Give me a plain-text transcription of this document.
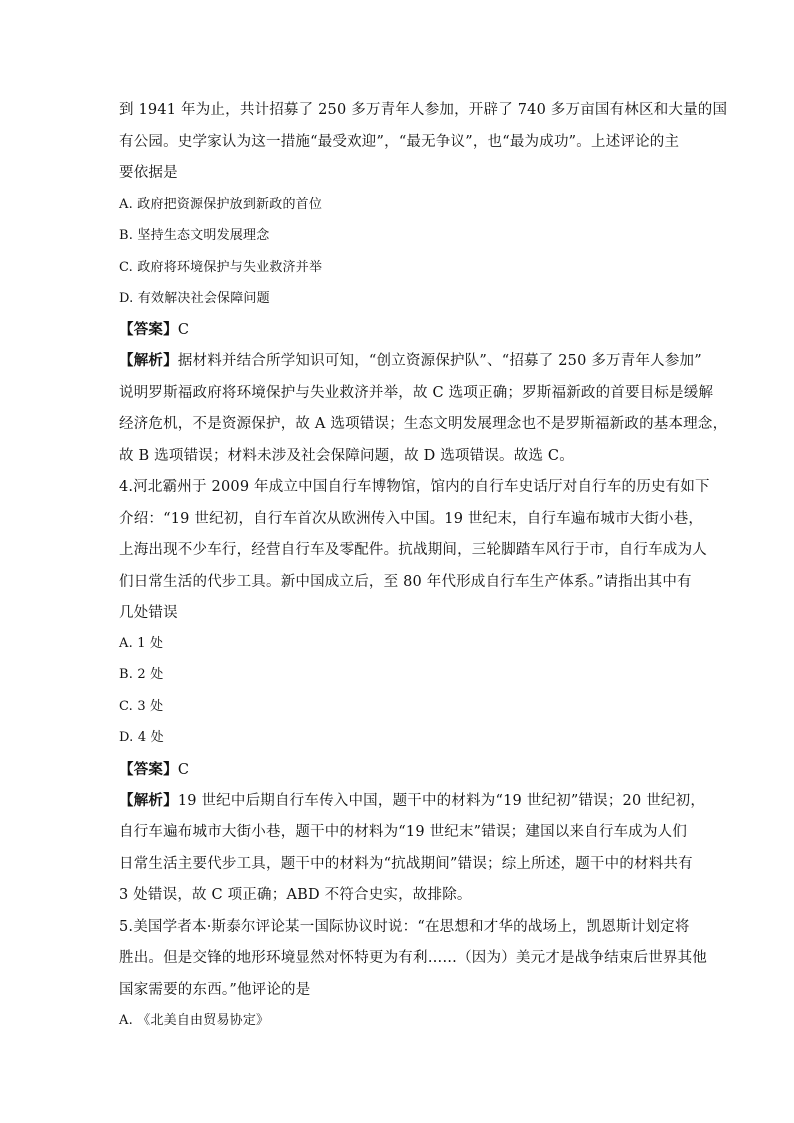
到 1941 年为止，共计招募了 250 多万青年人参加，开辟了 740 多万亩国有林区和大量的国
有公园。史学家认为这一措施“最受欢迎”，“最无争议”，也“最为成功”。上述评论的主
要依据是
A. 政府把资源保护放到新政的首位
B. 坚持生态文明发展理念
C. 政府将环境保护与失业救济并举
D. 有效解决社会保障问题
【答案】C
【解析】据材料并结合所学知识可知，“创立资源保护队”、“招募了 250 多万青年人参加”
说明罗斯福政府将环境保护与失业救济并举，故 C 选项正确；罗斯福新政的首要目标是缓解
经济危机，不是资源保护，故 A 选项错误；生态文明发展理念也不是罗斯福新政的基本理念，
故 B 选项错误；材料未涉及社会保障问题，故 D 选项错误。故选 C。
4.河北霸州于 2009 年成立中国自行车博物馆，馆内的自行车史话厅对自行车的历史有如下
介绍：“19 世纪初，自行车首次从欧洲传入中国。19 世纪末，自行车遍布城市大街小巷，
上海出现不少车行，经营自行车及零配件。抗战期间，三轮脚踏车风行于市，自行车成为人
们日常生活的代步工具。新中国成立后，至 80 年代形成自行车生产体系。”请指出其中有
几处错误
A. 1 处
B. 2 处
C. 3 处
D. 4 处
【答案】C
【解析】19 世纪中后期自行车传入中国，题干中的材料为“19 世纪初”错误；20 世纪初，
自行车遍布城市大街小巷，题干中的材料为“19 世纪末”错误；建国以来自行车成为人们
日常生活主要代步工具，题干中的材料为“抗战期间”错误；综上所述，题干中的材料共有
3 处错误，故 C 项正确；ABD 不符合史实，故排除。
5.美国学者本·斯泰尔评论某一国际协议时说：“在思想和才华的战场上，凯恩斯计划定将
胜出。但是交锋的地形环境显然对怀特更为有利……（因为）美元才是战争结束后世界其他
国家需要的东西。”他评论的是
A. 《北美自由贸易协定》
